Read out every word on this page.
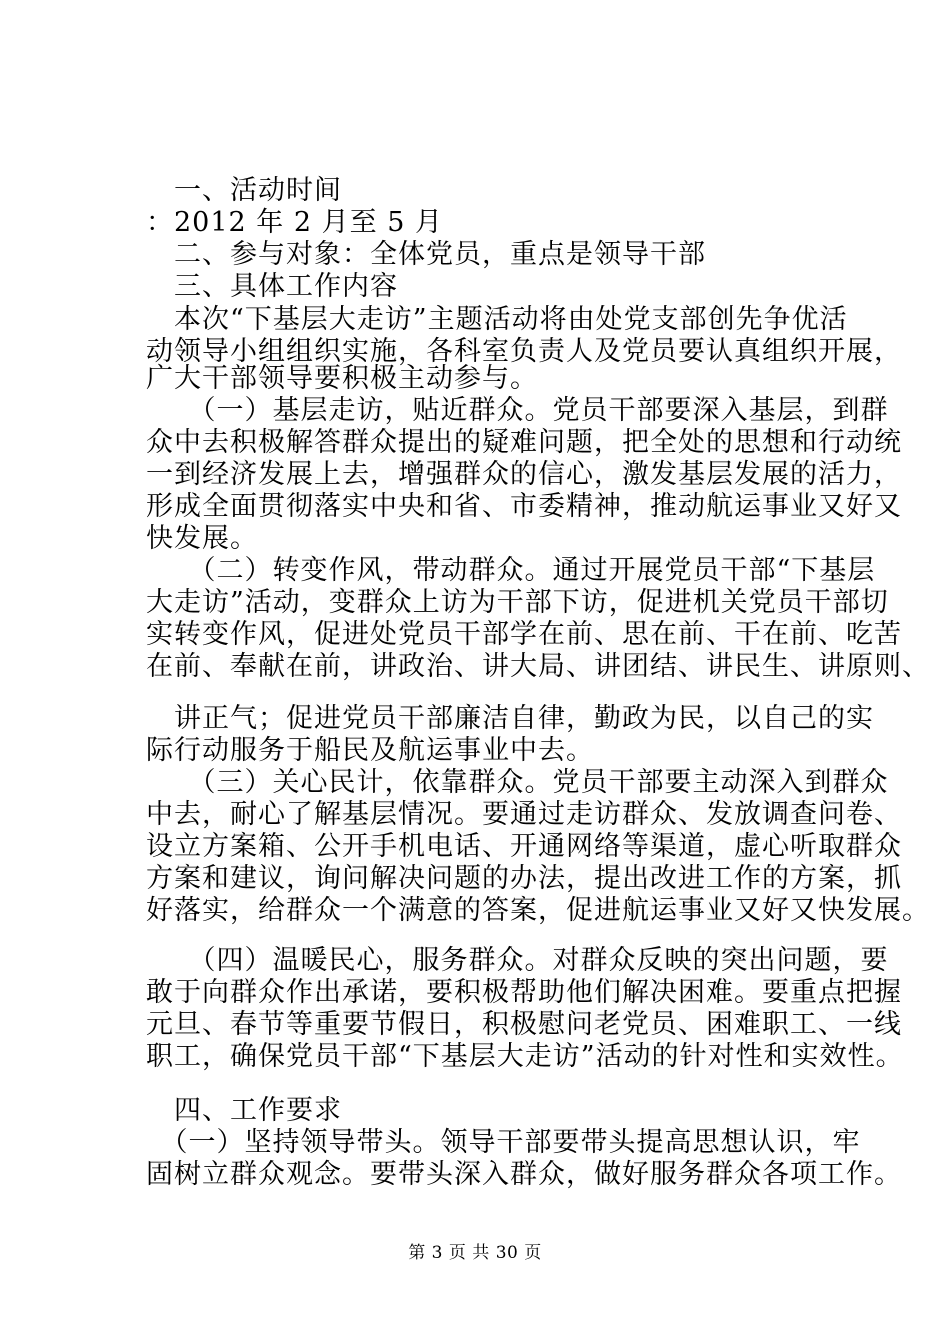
　一、活动时间
：2012 年 2 月至 5 月
　二、参与对象：全体党员，重点是领导干部
　三、具体工作内容
　本次“下基层大走访”主题活动将由处党支部创先争优活
动领导小组组织实施，各科室负责人及党员要认真组织开展，
广大干部领导要积极主动参与。
　　（一）基层走访，贴近群众。党员干部要深入基层，到群
众中去积极解答群众提出的疑难问题，把全处的思想和行动统
一到经济发展上去，增强群众的信心，激发基层发展的活力，
形成全面贯彻落实中央和省、市委精神，推动航运事业又好又
快发展。
　　（二）转变作风，带动群众。通过开展党员干部“下基层
大走访”活动，变群众上访为干部下访，促进机关党员干部切
实转变作风，促进处党员干部学在前、思在前、干在前、吃苦
在前、奉献在前，讲政治、讲大局、讲团结、讲民生、讲原则、
　讲正气；促进党员干部廉洁自律，勤政为民，以自己的实
际行动服务于船民及航运事业中去。
　　（三）关心民计，依靠群众。党员干部要主动深入到群众
中去，耐心了解基层情况。要通过走访群众、发放调查问卷、
设立方案箱、公开手机电话、开通网络等渠道，虚心听取群众
方案和建议，询问解决问题的办法，提出改进工作的方案，抓
好落实，给群众一个满意的答案，促进航运事业又好又快发展。
　　（四）温暖民心，服务群众。对群众反映的突出问题，要
敢于向群众作出承诺，要积极帮助他们解决困难。要重点把握
元旦、春节等重要节假日，积极慰问老党员、困难职工、一线
职工，确保党员干部“下基层大走访”活动的针对性和实效性。
　四、工作要求
　（一）坚持领导带头。领导干部要带头提高思想认识，牢
固树立群众观念。要带头深入群众，做好服务群众各项工作。
第 3 页 共 30 页
